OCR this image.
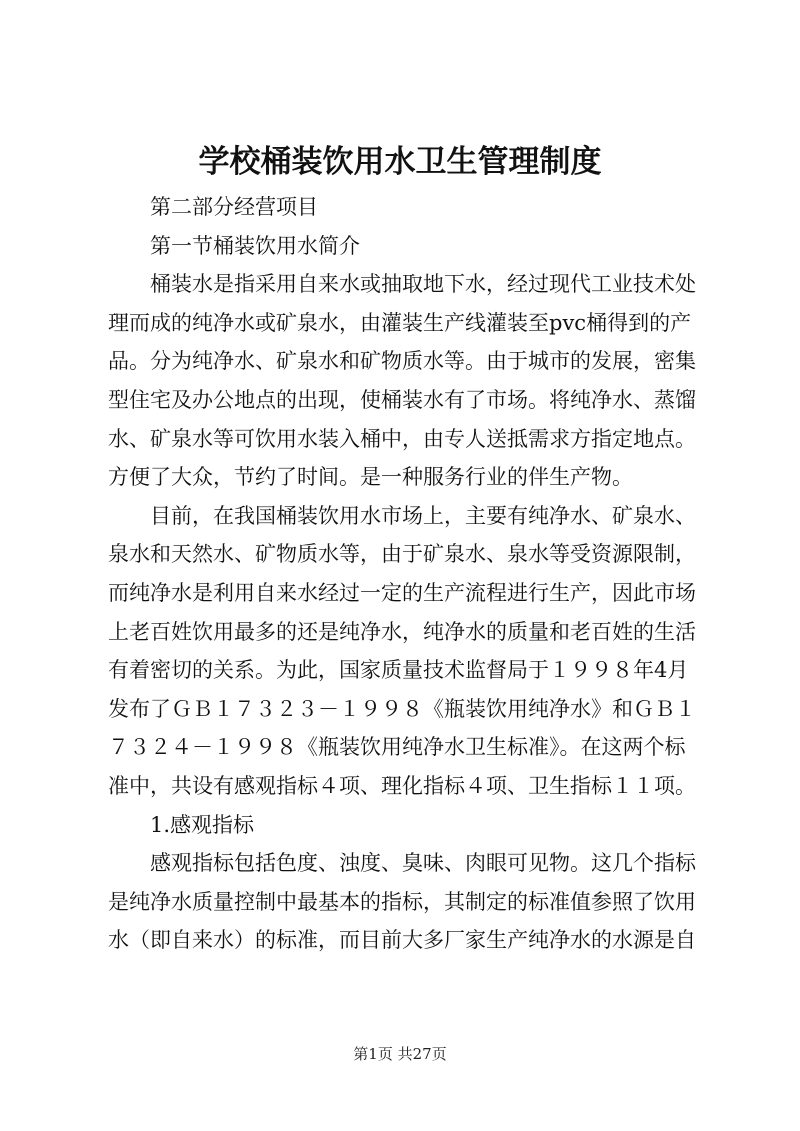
学校桶装饮用水卫生管理制度
第二部分经营项目
第一节桶装饮用水简介
桶装水是指采用自来水或抽取地下水，经过现代工业技术处
理而成的纯净水或矿泉水，由灌装生产线灌装至pvc桶得到的产
品。分为纯净水、矿泉水和矿物质水等。由于城市的发展，密集
型住宅及办公地点的出现，使桶装水有了市场。将纯净水、蒸馏
水、矿泉水等可饮用水装入桶中，由专人送抵需求方指定地点。
方便了大众，节约了时间。是一种服务行业的伴生产物。
目前，在我国桶装饮用水市场上，主要有纯净水、矿泉水、
泉水和天然水、矿物质水等，由于矿泉水、泉水等受资源限制，
而纯净水是利用自来水经过一定的生产流程进行生产，因此市场
上老百姓饮用最多的还是纯净水，纯净水的质量和老百姓的生活
有着密切的关系。为此，国家质量技术监督局于１９９８年4月
发布了ＧＢ１７３２３－１９９８《瓶装饮用纯净水》和ＧＢ１
７３２４－１９９８《瓶装饮用纯净水卫生标准》。在这两个标
准中，共设有感观指标４项、理化指标４项、卫生指标１１项。
1.感观指标
感观指标包括色度、浊度、臭味、肉眼可见物。这几个指标
是纯净水质量控制中最基本的指标，其制定的标准值参照了饮用
水（即自来水）的标准，而目前大多厂家生产纯净水的水源是自
第1页 共27页
